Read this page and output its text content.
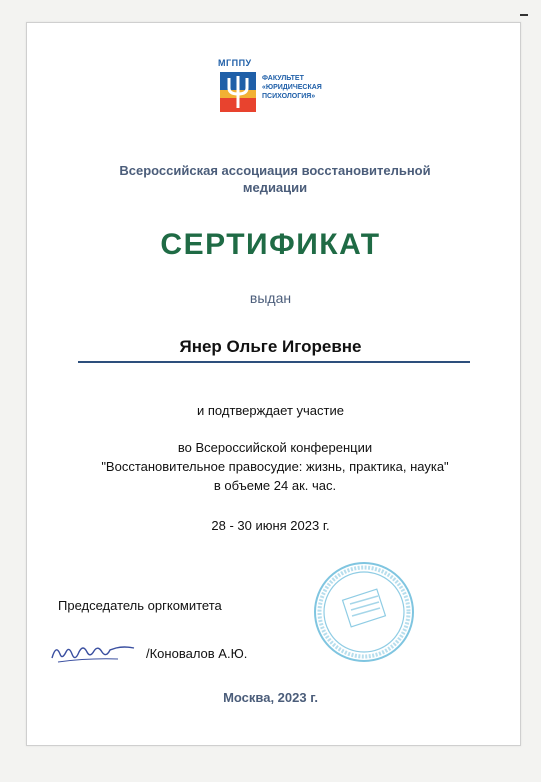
МГППУ
ФАКУЛЬТЕТ
«ЮРИДИЧЕСКАЯ
ПСИХОЛОГИЯ»
Всероссийская ассоциация восстановительной
медиации
СЕРТИФИКАТ
выдан
Янер Ольге Игоревне
и подтверждает участие
во Всероссийской конференции
"Восстановительное правосудие: жизнь, практика, наука"
в объеме 24 ак. час.
28 - 30 июня 2023 г.
Председатель оргкомитета
/Коновалов А.Ю.
Москва, 2023 г.
